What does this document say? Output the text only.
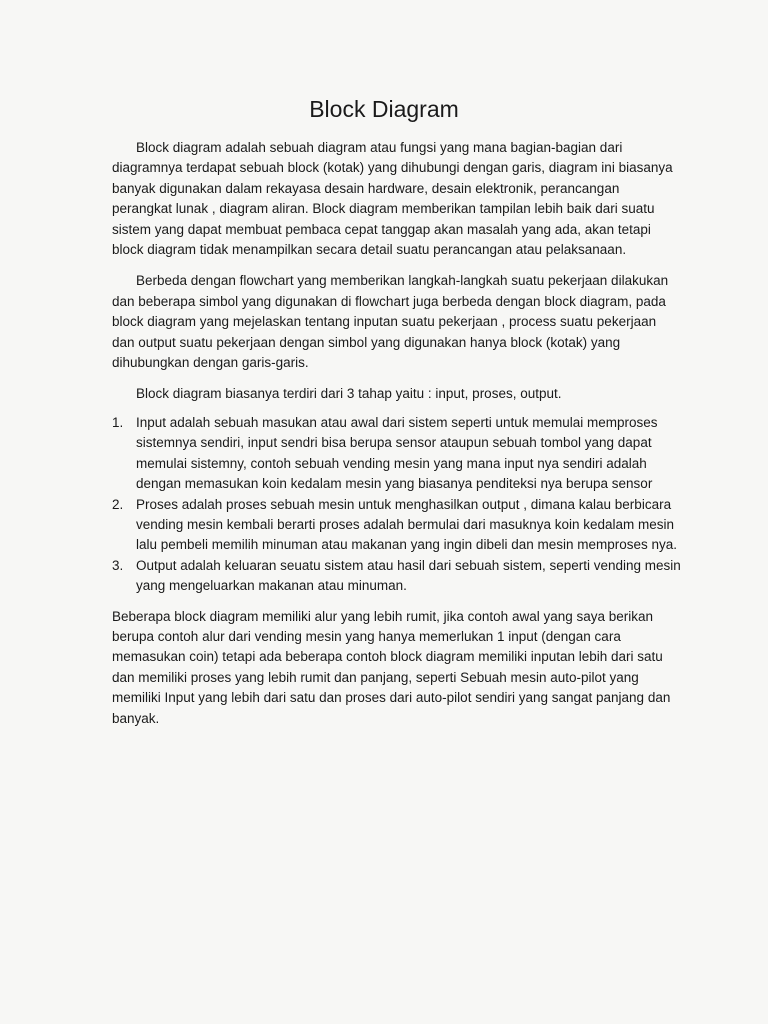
Block Diagram

Block diagram adalah sebuah diagram atau fungsi yang mana bagian-bagian dari diagramnya terdapat sebuah block (kotak) yang dihubungi dengan garis, diagram ini biasanya banyak digunakan dalam rekayasa desain hardware, desain elektronik, perancangan perangkat lunak , diagram aliran. Block diagram memberikan tampilan lebih baik dari suatu sistem yang dapat membuat pembaca cepat tanggap akan masalah yang ada, akan tetapi block diagram tidak menampilkan secara detail suatu perancangan atau pelaksanaan.

Berbeda dengan flowchart yang memberikan langkah-langkah suatu pekerjaan dilakukan dan beberapa simbol yang digunakan di flowchart juga berbeda dengan block diagram, pada block diagram yang mejelaskan tentang inputan suatu pekerjaan , process suatu pekerjaan dan output suatu pekerjaan dengan simbol yang digunakan hanya block (kotak) yang dihubungkan dengan garis-garis.

Block diagram biasanya terdiri dari 3 tahap yaitu : input, proses, output.

1. Input adalah sebuah masukan atau awal dari sistem seperti untuk memulai memproses sistemnya sendiri, input sendri bisa berupa sensor ataupun sebuah tombol yang dapat memulai sistemny, contoh sebuah vending mesin yang mana input nya sendiri adalah dengan memasukan koin kedalam mesin yang biasanya penditeksi nya berupa sensor
2. Proses adalah proses sebuah mesin untuk menghasilkan output , dimana kalau berbicara vending mesin kembali berarti proses adalah bermulai dari masuknya koin kedalam mesin lalu pembeli memilih minuman atau makanan yang ingin dibeli dan mesin memproses nya.
3. Output adalah keluaran seuatu sistem atau hasil dari sebuah sistem, seperti vending mesin yang mengeluarkan makanan atau minuman.

Beberapa block diagram memiliki alur yang lebih rumit, jika contoh awal yang saya berikan berupa contoh alur dari vending mesin yang hanya memerlukan 1 input (dengan cara memasukan coin) tetapi ada beberapa contoh block diagram memiliki inputan lebih dari satu dan memiliki proses yang lebih rumit dan panjang, seperti Sebuah mesin auto-pilot yang memiliki Input yang lebih dari satu dan proses dari auto-pilot sendiri yang sangat panjang dan banyak.
